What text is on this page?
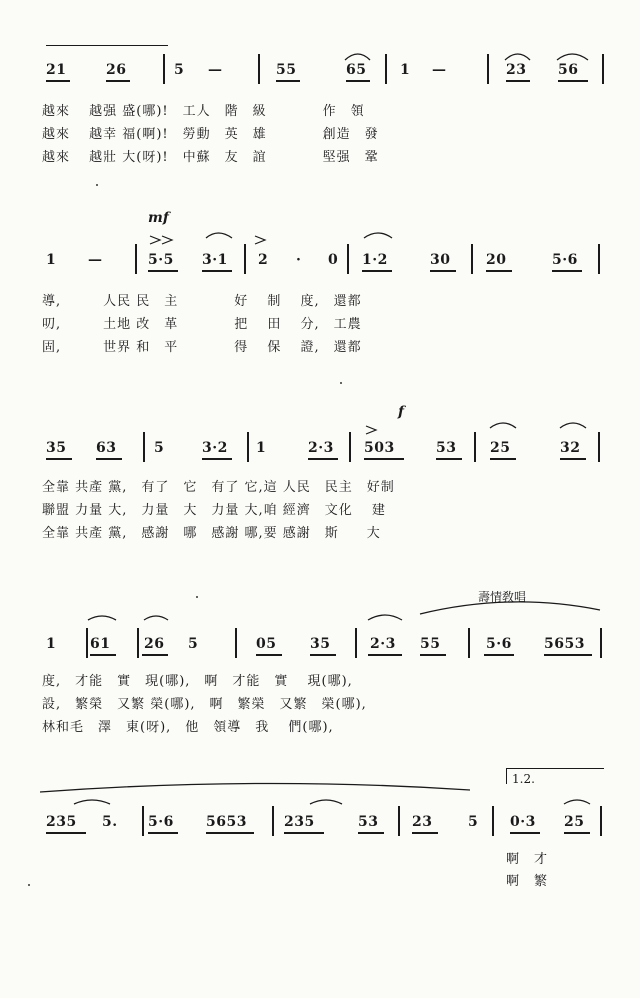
21

	26

	5

—

	55

	65

1

—

	23

56

越來　 越强 盛(哪)!　工人　階　級　　　　作　領
越來　 越幸 福(啊)!　勞動　英　雄　　　　創造　發
越來　 越壯 大(呀)!　中蘇　友　誼　　　　堅强　鞏
mf

1

—

	5·5

3·1

2

·

0

1·2

	30

	20

	5·6

導,　　　人民 民　主　　　　好　 制　 度,　還都
叨,　　　土地 改　革　　　　把　 田　 分,　工農
固,　　　世界 和　平　　　　得　 保　 證,　還都
f

35

63

	5

	3·2

1

	2·3

503

	53

25

	32

全靠 共產 黨,　有了　它　有了 它,這 人民　民主　好制
聯盟 力量 大,　力量　大　力量 大,咱 經濟　文化　 建
全靠 共產 黨,　感謝　哪　感謝 哪,要 感謝　斯　　大
壽情敎唱

1

61

26

5

	05

35

	2·3

55

	5·6

5653

度,　才能　實　現(哪),　啊　才能　實　 現(哪),
設,　繁榮　又繁 榮(哪),　啊　繁榮　又繁　榮(哪),
林和毛　澤　東(呀),　他　領導　我　 們(哪),
1.2.

235

5.

5·6

5653

	235

	53

23

	5

0·3

25

啊　才
啊　繁
